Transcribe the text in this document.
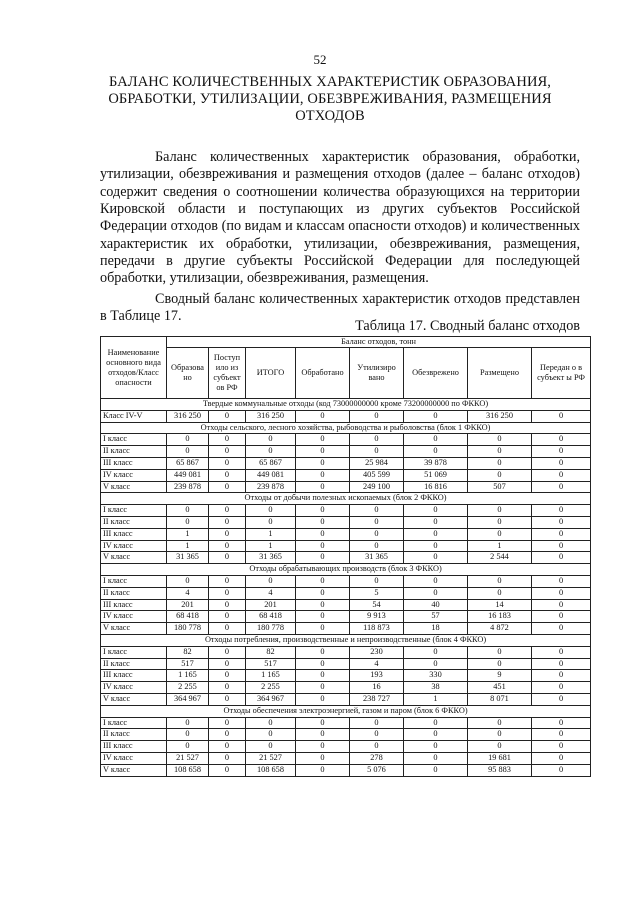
52
БАЛАНС КОЛИЧЕСТВЕННЫХ ХАРАКТЕРИСТИК ОБРАЗОВАНИЯ,
ОБРАБОТКИ, УТИЛИЗАЦИИ, ОБЕЗВРЕЖИВАНИЯ, РАЗМЕЩЕНИЯ
ОТХОДОВ

Баланс количественных характеристик образования, обработки, утилизации, обезвреживания и размещения отходов (далее – баланс отходов) содержит сведения о соотношении количества образующихся на территории Кировской области и поступающих из других субъектов Российской Федерации отходов (по видам и классам опасности отходов) и количественных характеристик их обработки, утилизации, обезвреживания, размещения, передачи в другие субъекты Российской Федерации для последующей обработки, утилизации, обезвреживания, размещения.

Сводный баланс количественных характеристик отходов представлен в Таблице 17.

Таблица 17. Сводный баланс отходов
Наименование основного вида отходов/Класс опасности	Баланс отходов, тонн							
	Образова но	Поступ ило из субъект ов РФ	ИТОГО	Обработано	Утилизиро вано	Обезврежено	Размещено	Передан о в субъект ы РФ
Твердые коммунальные отходы (код 73000000000 кроме 73200000000 по ФККО)								
Класс IV-V	316 250	0	316 250	0	0	0	316 250	0
Отходы сельского, лесного хозяйства, рыбоводства и рыболовства (блок 1 ФККО)								
I класс	0	0	0	0	0	0	0	0
II класс	0	0	0	0	0	0	0	0
III класс	65 867	0	65 867	0	25 984	39 878	0	0
IV класс	449 081	0	449 081	0	405 599	51 069	0	0
V класс	239 878	0	239 878	0	249 100	16 816	507	0
Отходы от добычи полезных ископаемых (блок 2 ФККО)								
I класс	0	0	0	0	0	0	0	0
II класс	0	0	0	0	0	0	0	0
III класс	1	0	1	0	0	0	0	0
IV класс	1	0	1	0	0	0	1	0
V класс	31 365	0	31 365	0	31 365	0	2 544	0
Отходы обрабатывающих производств (блок 3 ФККО)								
I класс	0	0	0	0	0	0	0	0
II класс	4	0	4	0	5	0	0	0
III класс	201	0	201	0	54	40	14	0
IV класс	68 418	0	68 418	0	9 913	57	16 183	0
V класс	180 778	0	180 778	0	118 873	18	4 872	0
Отходы потребления, производственные и непроизводственные (блок 4 ФККО)								
I класс	82	0	82	0	230	0	0	0
II класс	517	0	517	0	4	0	0	0
III класс	1 165	0	1 165	0	193	330	9	0
IV класс	2 255	0	2 255	0	16	38	451	0
V класс	364 967	0	364 967	0	238 727	1	8 071	0
Отходы обеспечения электроэнергией, газом и паром (блок 6 ФККО)								
I класс	0	0	0	0	0	0	0	0
II класс	0	0	0	0	0	0	0	0
III класс	0	0	0	0	0	0	0	0
IV класс	21 527	0	21 527	0	278	0	19 681	0
V класс	108 658	0	108 658	0	5 076	0	95 883	0
